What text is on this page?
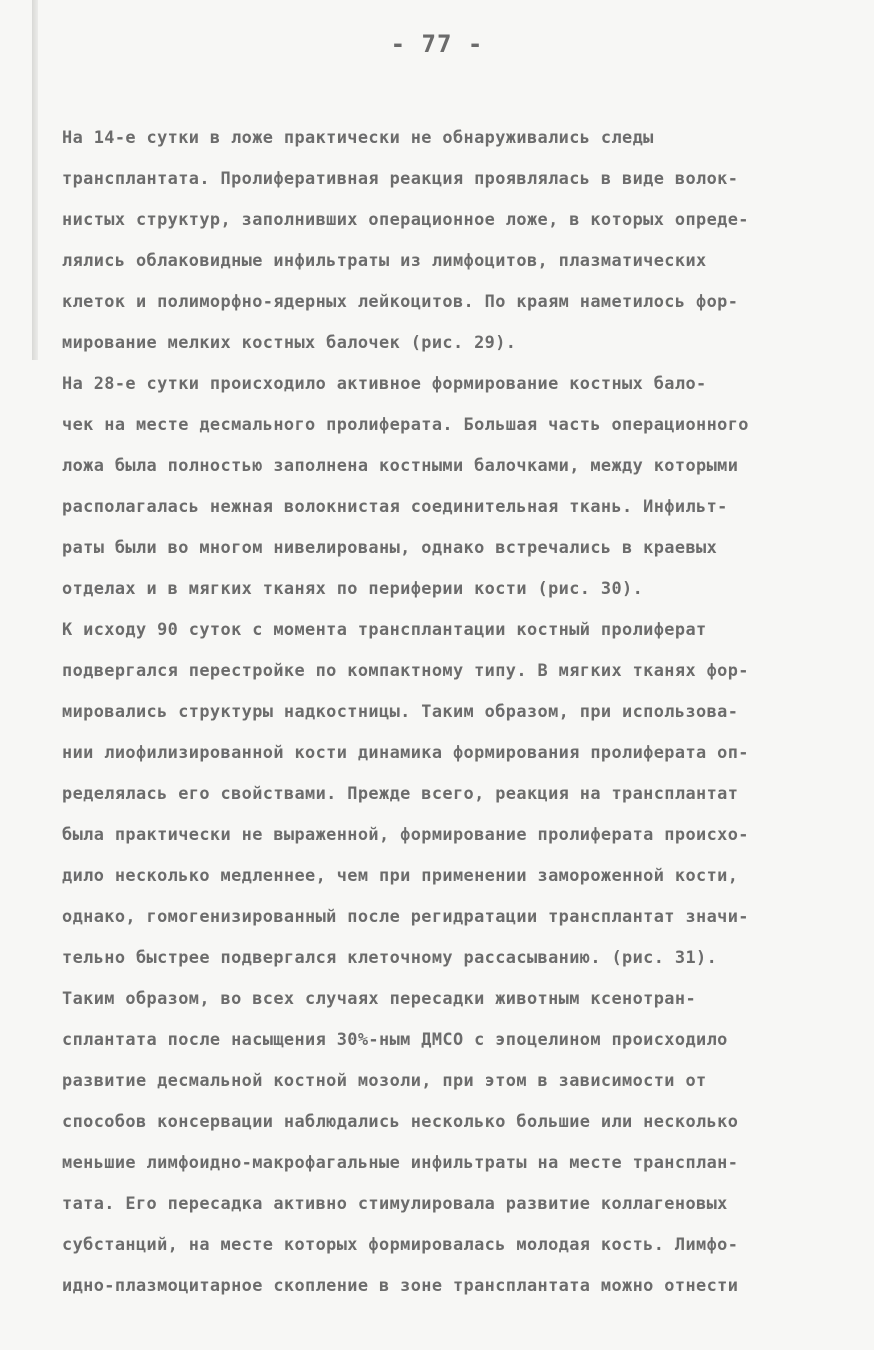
- 77 -
На 14-е сутки в ложе практически не обнаруживались следы
трансплантата. Пролиферативная реакция проявлялась в виде волок-
нистых структур, заполнивших операционное ложе, в которых опреде-
лялись облаковидные инфильтраты из лимфоцитов, плазматических
клеток и полиморфно-ядерных лейкоцитов. По краям наметилось фор-
мирование мелких костных балочек (рис. 29).
На 28-е сутки происходило активное формирование костных бало-
чек на месте десмального пролиферата. Большая часть операционного
ложа была полностью заполнена костными балочками, между которыми
располагалась нежная волокнистая соединительная ткань. Инфильт-
раты были во многом нивелированы, однако встречались в краевых
отделах и в мягких тканях по периферии кости (рис. 30).
К исходу 90 суток с момента трансплантации костный пролиферат
подвергался перестройке по компактному типу. В мягких тканях фор-
мировались структуры надкостницы. Таким образом, при использова-
нии лиофилизированной кости динамика формирования пролиферата оп-
ределялась его свойствами. Прежде всего, реакция на трансплантат
была практически не выраженной, формирование пролиферата происхо-
дило несколько медленнее, чем при применении замороженной кости,
однако, гомогенизированный после регидратации трансплантат значи-
тельно быстрее подвергался клеточному рассасыванию. (рис. 31).
Таким образом, во всех случаях пересадки животным ксенотран-
сплантата после насыщения 30%-ным ДМСО с эпоцелином происходило
развитие десмальной костной мозоли, при этом в зависимости от
способов консервации наблюдались несколько большие или несколько
меньшие лимфоидно-макрофагальные инфильтраты на месте трансплан-
тата. Его пересадка активно стимулировала развитие коллагеновых
субстанций, на месте которых формировалась молодая кость. Лимфо-
идно-плазмоцитарное скопление в зоне трансплантата можно отнести
